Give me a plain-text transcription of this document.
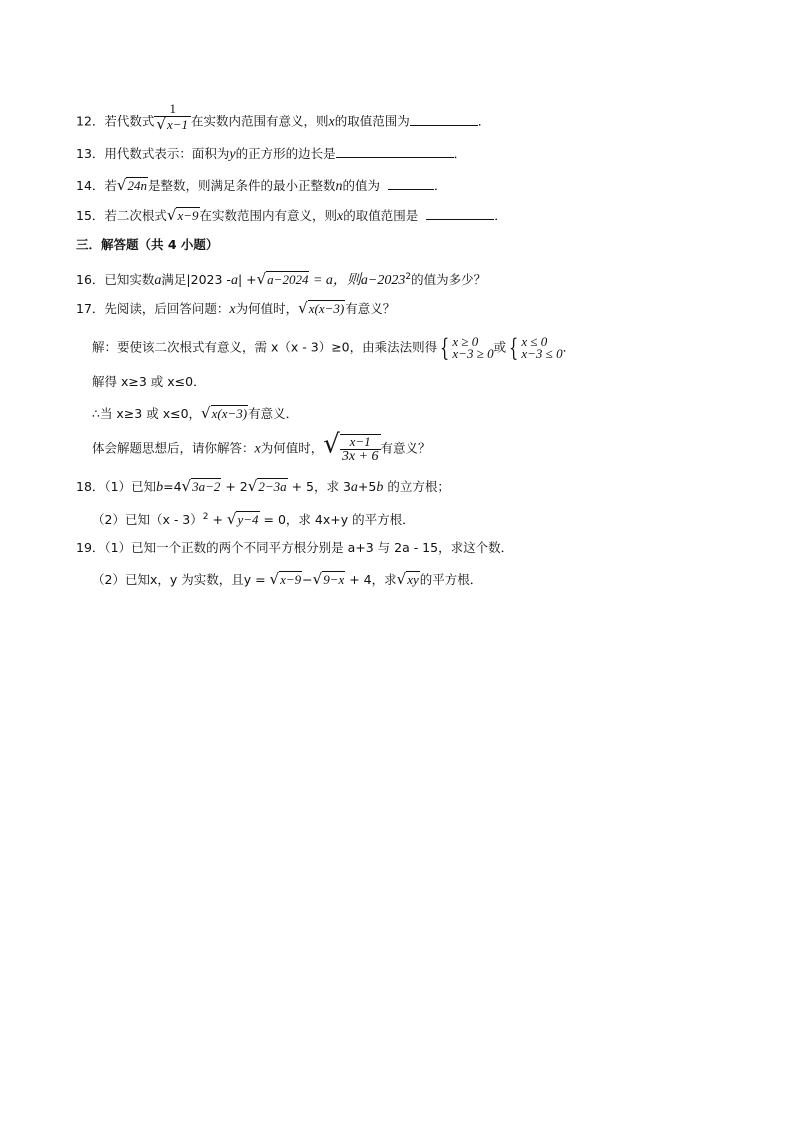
12．若代数式 $\frac{1}{√x-1}$ 在实数内范围有意义，则x的取值范围为	．
13．用代数式表示：面积为y的正方形的边长是	．
14．若√24n是整数，则满足条件的最小正整数n的值为	．
15．若二次根式√x−9在实数范围内有意义，则x的取值范围是	．
三．解答题（共 4 小题）
16．已知实数a满足|2023 -a| +√a−2024 = a，则$a-2023^2$的值为多少？
17．先阅读，后回答问题：x为何值时，√x(x−3)有意义？
解：要使该二次根式有意义，需 x（x - 3）≥0，由乘法法则得 { x ≥ 0
x−3 ≥ 0 或 { x ≤ 0
x−3 ≤ 0 ．
解得 x≥3 或 x≤0．
∴当 x≥3 或 x≤0，√x(x−3)有意义．
体会解题思想后，请你解答：x为何值时，√ $\frac{x-1}{3x + 6}$ 有意义？
18．（1）已知b=4√3a−2 + 2√2−3a + 5，求 3a+5b 的立方根；
（2）已知（x - 3）$^2$ + √y−4 = 0，求 4x+y 的平方根．
19．（1）已知一个正数的两个不同平方根分别是 a+3 与 2a - 15，求这个数．
（2）已知x，y 为实数，且y = √x−9−√9−x + 4，求√xy的平方根．
